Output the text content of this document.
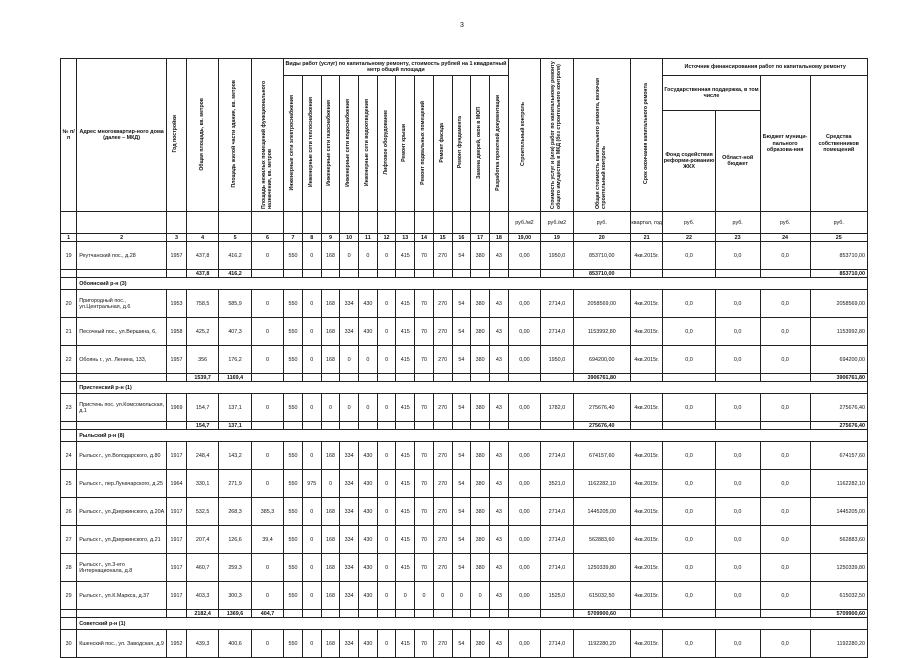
3
№ п/п	Адрес многоквартир-ного дома (далее – МКД)	Год постройки	Общая площадь, кв. метров	Площадь жилой части здания, кв. метров	Площадь нежилых помещений функционального назначения, кв. метров	Виды работ (услуг) по капитальному ремонту, стоимость рублей на 1 квадратный метр общей площади												Строительный контроль	Стоимость услуг и (или) работ по капитальному ремонту общего имущества в МКД (без строительного контроля)	Общая стоимость капитального ремонта, включая строительный контроль	Срок окончания капитального ремонта	Источник финансирования работ по капитальному ремонту			
						Инженерные сети электроснабжения	Инженерные сети теплоснабжения	Инженерные сети газоснабжения	Инженерные сети водоснабжения	Инженерные сети водоотведения	Лифтовое оборудование	Ремонт крыши	Ремонт подвальных помещений	Ремонт фасада	Ремонт фундамента	Замена дверей, окон в МОП	Разработка проектной документации					Государственная поддержка, в том числе		Бюджет муници-пального образова-ния	Средства собственников помещений
																						Фонд содействия реформи-рованию ЖКХ	Област-ной бюджет		
																		руб./м2	руб./м2	руб.	квартал, год	руб.	руб.	руб.	руб.
1	2	3	4	5	6	7	8	9	10	11	12	13	14	15	16	17	18	19,00	19	20	21	22	23	24	25
19	Реутчанский пос., д.28	1957	437,8	416,2	0	550	0	168	0	0	0	415	70	270	54	380	43	0,00	1950,0	853710,00	4кв.2015г.	0,0	0,0	0,0	853710,00
			437,8	416,2																853710,00					853710,00
	Обоянский р-н (3)																								
20	Пригородный пос., ул.Центральная, д.6	1953	758,5	585,9	0	550	0	168	334	430	0	415	70	270	54	380	43	0,00	2714,0	2058569,00	4кв.2015г.	0,0	0,0	0,0	2058569,00
21	Песочный пос., ул.Вершина, 6,	1958	425,2	407,3	0	550	0	168	334	430	0	415	70	270	54	380	43	0,00	2714,0	1153992,80	4кв.2015г.	0,0	0,0	0,0	1153992,80
22	Обоянь г., ул. Ленина, 133,	1957	356	176,2	0	550	0	168	0	0	0	415	70	270	54	380	43	0,00	1950,0	694200,00	4кв.2015г.	0,0	0,0	0,0	694200,00
			1539,7	1169,4																3906761,80					3906761,80
	Пристенский р-н (1)																								
23	Пристень пос. ул.Комсомольская, д.1	1969	154,7	137,1	0	550	0	0	0	0	0	415	70	270	54	380	43	0,00	1782,0	275676,40	4кв.2015г.	0,0	0,0	0,0	275676,40
			154,7	137,1																275676,40					275676,40
	Рыльский р-н (8)																								
24	Рыльск г., ул.Володарского, д.80	1917	248,4	143,2	0	550	0	168	334	430	0	415	70	270	54	380	43	0,00	2714,0	674157,60	4кв.2015г.	0,0	0,0	0,0	674157,60
25	Рыльск г., пер.Луначарского, д.25	1964	330,1	271,9	0	550	975	0	334	430	0	415	70	270	54	380	43	0,00	3521,0	1162282,10	4кв.2015г.	0,0	0,0	0,0	1162282,10
26	Рыльск г., ул.Дзержинского, д.20А	1917	532,5	268,3	385,3	550	0	168	334	430	0	415	70	270	54	380	43	0,00	2714,0	1445205,00	4кв.2015г.	0,0	0,0	0,0	1445205,00
27	Рыльск г., ул.Дзержинского, д.21	1917	207,4	126,6	39,4	550	0	168	334	430	0	415	70	270	54	380	43	0,00	2714,0	562883,60	4кв.2015г.	0,0	0,0	0,0	562883,60
28	Рыльск г., ул.3-его Интернационала, д.8	1917	460,7	259,3	0	550	0	168	334	430	0	415	70	270	54	380	43	0,00	2714,0	1250339,80	4кв.2015г.	0,0	0,0	0,0	1250339,80
29	Рыльск г., ул.К.Маркса, д.37	1917	403,3	300,3	0	550	0	168	334	430	0	0	0	0	0	0	43	0,00	1525,0	615032,50	4кв.2015г.	0,0	0,0	0,0	615032,50
			2182,4	1369,6	404,7															5709900,60					5709900,60
	Советский р-н (1)																								
30	Кшенский пос., ул. Заводская, д.9	1952	439,3	400,6	0	550	0	168	334	430	0	415	70	270	54	380	43	0,00	2714,0	1192280,20	4кв.2015г.	0,0	0,0	0,0	1192280,20
